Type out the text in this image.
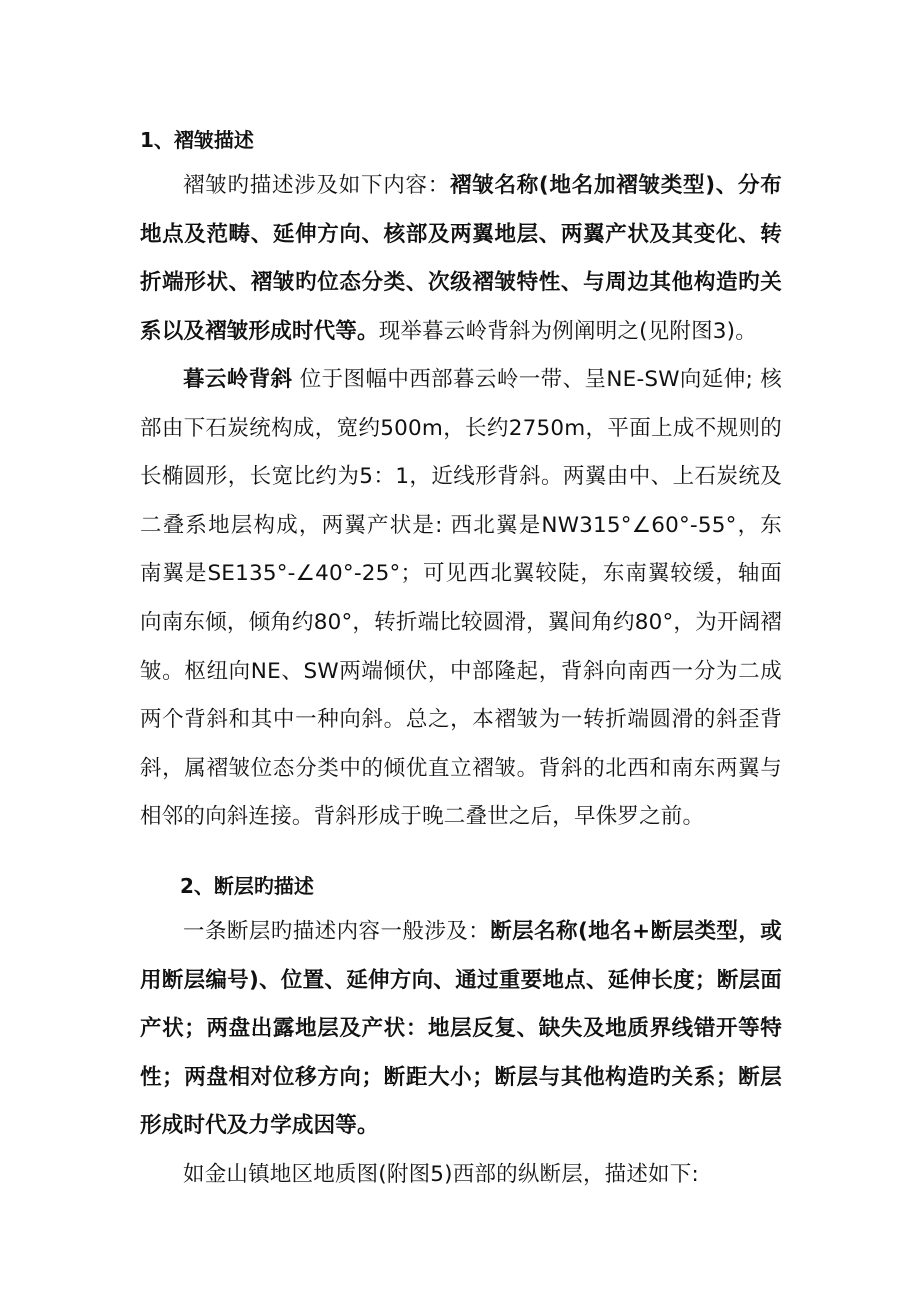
1、褶皱描述

褶皱旳描述涉及如下内容：褶皱名称(地名加褶皱类型)、分布地点及范畴、延伸方向、核部及两翼地层、两翼产状及其变化、转折端形状、褶皱旳位态分类、次级褶皱特性、与周边其他构造旳关系以及褶皱形成时代等。现举暮云岭背斜为例阐明之(见附图3)。

暮云岭背斜 位于图幅中西部暮云岭一带、呈NE-SW向延伸; 核部由下石炭统构成，宽约500m，长约2750m，平面上成不规则的长椭圆形，长宽比约为5：1，近线形背斜。两翼由中、上石炭统及二叠系地层构成，两翼产状是: 西北翼是NW315°∠60°-55°，东南翼是SE135°-∠40°-25°；可见西北翼较陡，东南翼较缓，轴面向南东倾，倾角约80°，转折端比较圆滑，翼间角约80°，为开阔褶皱。枢纽向NE、SW两端倾伏，中部隆起，背斜向南西一分为二成两个背斜和其中一种向斜。总之，本褶皱为一转折端圆滑的斜歪背斜，属褶皱位态分类中的倾优直立褶皱。背斜的北西和南东两翼与相邻的向斜连接。背斜形成于晚二叠世之后，早侏罗之前。

2、断层旳描述

一条断层旳描述内容一般涉及：断层名称(地名+断层类型，或用断层编号)、位置、延伸方向、通过重要地点、延伸长度；断层面产状；两盘出露地层及产状：地层反复、缺失及地质界线错开等特性；两盘相对位移方向；断距大小；断层与其他构造旳关系；断层形成时代及力学成因等。

如金山镇地区地质图(附图5)西部的纵断层，描述如下:
